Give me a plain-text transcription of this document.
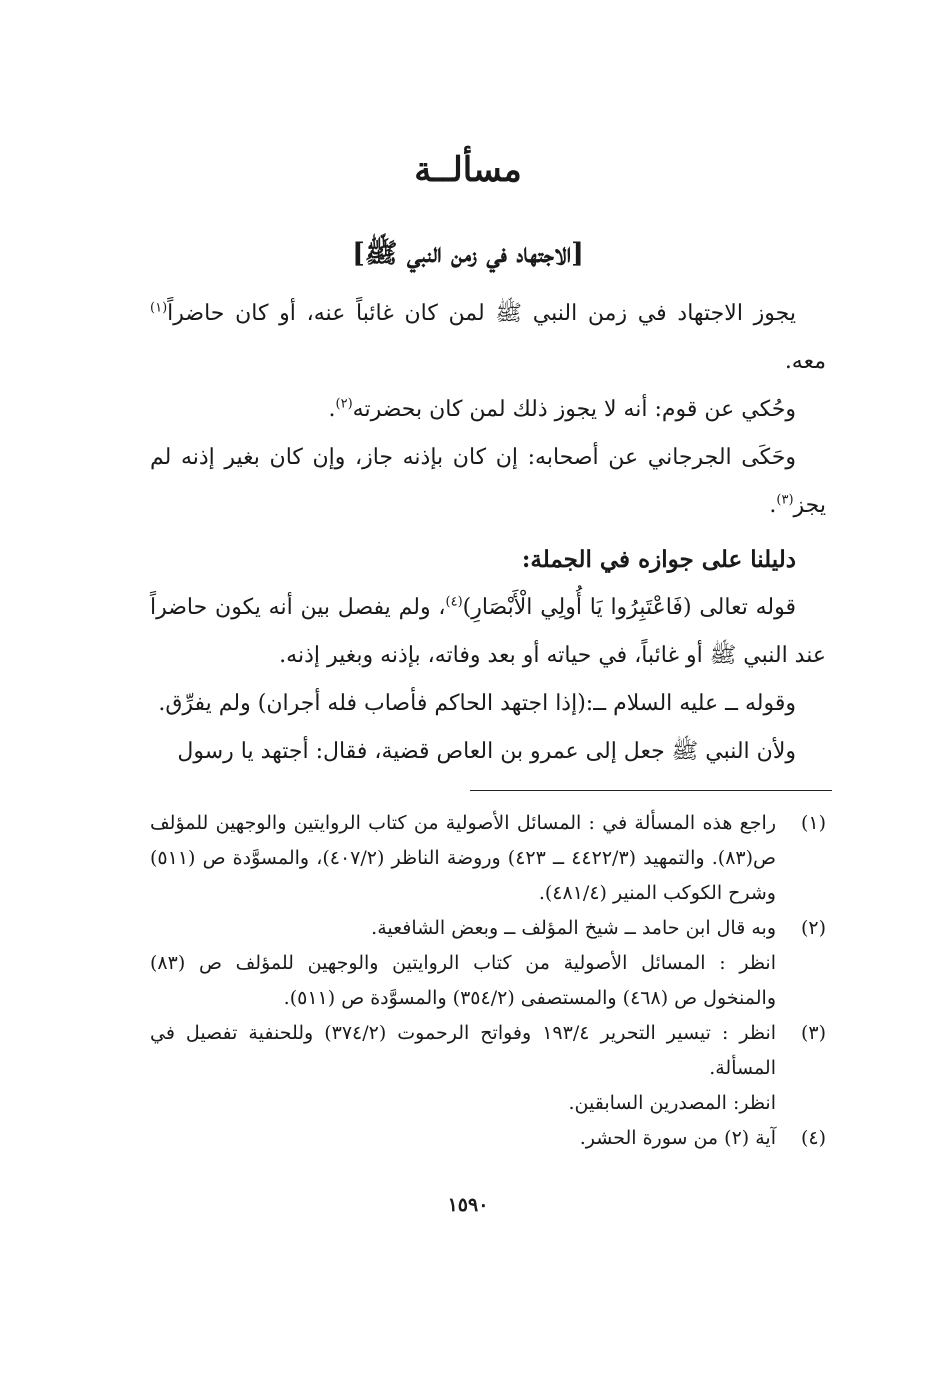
مسألــة
[الاجتهاد في زمن النبي ﷺ]

يجوز الاجتهاد في زمن النبي ﷺ لمن كان غائباً عنه، أو كان حاضراً$^{(١)}$ معه.

وحُكي عن قوم: أنه لا يجوز ذلك لمن كان بحضرته$^{(٢)}$.

وحَكَى الجرجاني عن أصحابه: إن كان بإذنه جاز، وإن كان بغير إذنه لم يجز$^{(٣)}$.

دليلنا على جوازه في الجملة:

قوله تعالى (فَاعْتَبِرُوا يَا أُولِي الْأَبْصَارِ)$^{(٤)}$، ولم يفصل بين أنه يكون حاضراً عند النبي ﷺ أو غائباً، في حياته أو بعد وفاته، بإذنه وبغير إذنه.

وقوله ــ عليه السلام ــ:(إذا اجتهد الحاكم فأصاب فله أجران) ولم يفرِّق.

ولأن النبي ﷺ جعل إلى عمرو بن العاص قضية، فقال: أجتهد يا رسول

(١)

راجع هذه المسألة في : المسائل الأصولية من كتاب الروايتين والوجهين للمؤلف ص(٨٣). والتمهيد (٤٤٢٢/٣ ــ ٤٢٣) وروضة الناظر (٤٠٧/٢)، والمسوَّدة ص (٥١١) وشرح الكوكب المنير (٤٨١/٤).

(٢)

وبه قال ابن حامد ــ شيخ المؤلف ــ وبعض الشافعية.

انظر : المسائل الأصولية من كتاب الروايتين والوجهين للمؤلف ص (٨٣) والمنخول ص (٤٦٨) والمستصفى (٣٥٤/٢) والمسوَّدة ص (٥١١).

(٣)

انظر : تيسير التحرير ١٩٣/٤ وفواتح الرحموت (٣٧٤/٢) وللحنفية تفصيل في المسألة.

انظر: المصدرين السابقين.

(٤)

آية (٢) من سورة الحشر.

١٥٩٠
